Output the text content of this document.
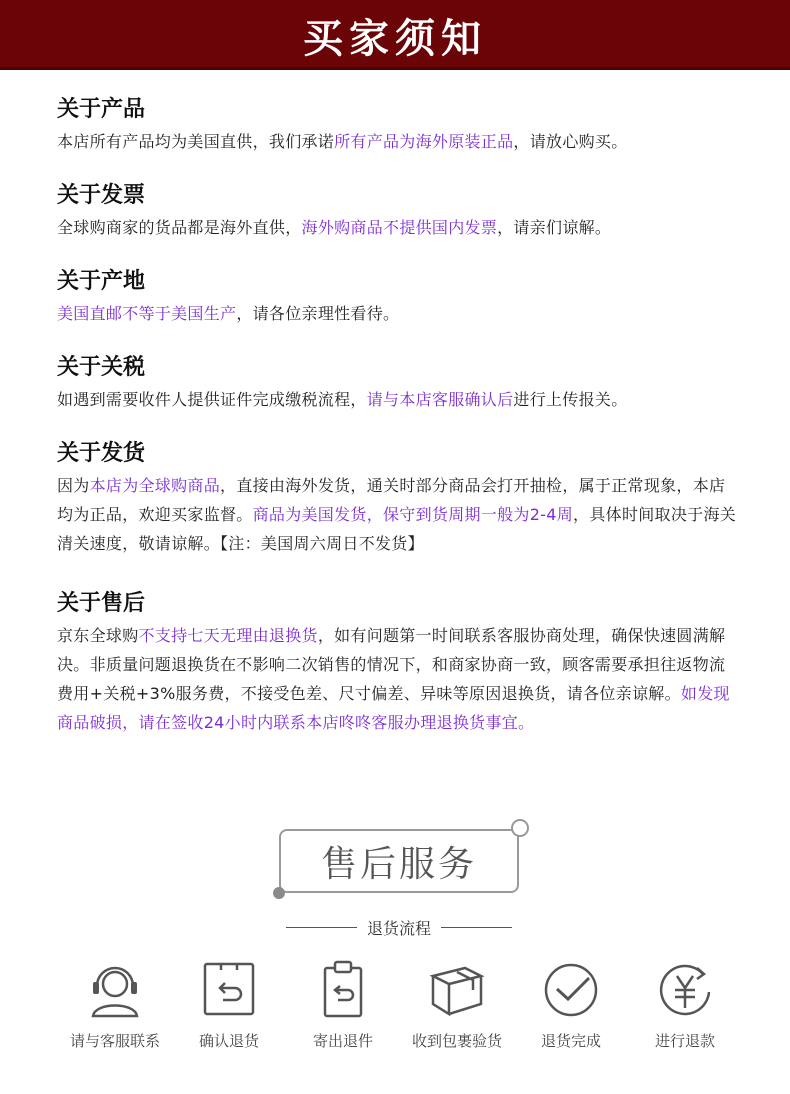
买家须知
关于产品

本店所有产品均为美国直供，我们承诺所有产品为海外原装正品，请放心购买。

关于发票

全球购商家的货品都是海外直供，海外购商品不提供国内发票，请亲们谅解。

关于产地

美国直邮不等于美国生产，请各位亲理性看待。

关于关税

如遇到需要收件人提供证件完成缴税流程，请与本店客服确认后进行上传报关。

关于发货

因为本店为全球购商品，直接由海外发货，通关时部分商品会打开抽检，属于正常现象，本店均为正品，欢迎买家监督。商品为美国发货，保守到货周期一般为2-4周，具体时间取决于海关清关速度，敬请谅解。【注：美国周六周日不发货】

关于售后

京东全球购不支持七天无理由退换货，如有问题第一时间联系客服协商处理，确保快速圆满解决。非质量问题退换货在不影响二次销售的情况下，和商家协商一致，顾客需要承担往返物流费用+关税+3%服务费，不接受色差、尺寸偏差、异味等原因退换货，请各位亲谅解。如发现商品破损，请在签收24小时内联系本店咚咚客服办理退换货事宜。

售后服务
退货流程
请与客服联系	确认退货	寄出退件	收到包裹验货	退货完成	进行退款
